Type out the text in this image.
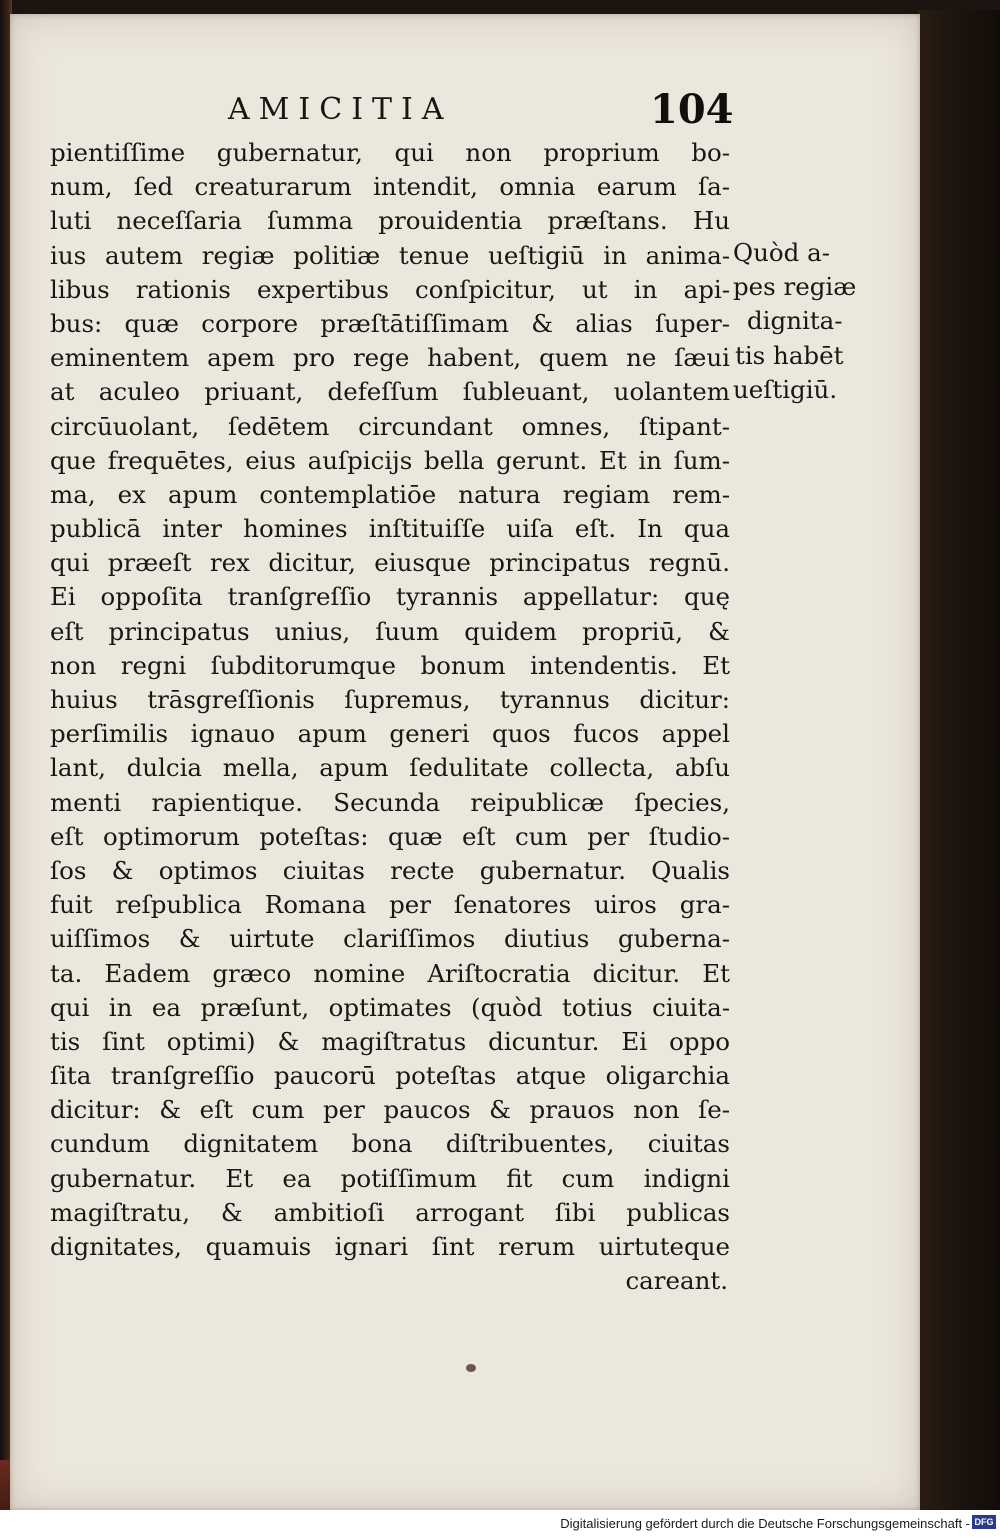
AMICITIA	104
pientiſſime gubernatur, qui non proprium bo-
num, ſed creaturarum intendit, omnia earum ſa-
luti neceſſaria ſumma prouidentia præſtans. Hu
ius autem regiæ politiæ tenue ueſtigiū in anima-
libus rationis expertibus conſpicitur, ut in api-
bus: quæ corpore præſtātiſſimam & alias ſuper-
eminentem apem pro rege habent, quem ne ſæui
at aculeo priuant, defeſſum ſubleuant, uolantem
circūuolant, ſedētem circundant omnes, ſtipant-
que frequētes, eius auſpicijs bella gerunt. Et in ſum-
ma, ex apum contemplatiōe natura regiam rem-
publicā inter homines inſtituiſſe uiſa eſt. In qua
qui præeſt rex dicitur, eiusque principatus regnū.
Ei oppoſita tranſgreſſio tyrannis appellatur: quę
eſt principatus unius, ſuum quidem propriū, &
non regni ſubditorumque bonum intendentis. Et
huius trāsgreſſionis ſupremus, tyrannus dicitur:
perſimilis ignauo apum generi quos fucos appel
lant, dulcia mella, apum ſedulitate collecta, abſu
menti rapientique. Secunda reipublicæ ſpecies,
eſt optimorum poteſtas: quæ eſt cum per ſtudio-
ſos & optimos ciuitas recte gubernatur. Qualis
fuit reſpublica Romana per ſenatores uiros gra-
uiſſimos & uirtute clariſſimos diutius guberna-
ta. Eadem græco nomine Ariſtocratia dicitur. Et
qui in ea præſunt, optimates (quòd totius ciuita-
tis ſint optimi) & magiſtratus dicuntur. Ei oppo
ſita tranſgreſſio paucorū poteſtas atque oligarchia
dicitur: & eſt cum per paucos & prauos non ſe-
cundum dignitatem bona diſtribuentes, ciuitas
gubernatur. Et ea potiſſimum fit cum indigni
magiſtratu, & ambitioſi arrogant ſibi publicas
dignitates, quamuis ignari ſint rerum uirtuteque
careant.
Quòd a-
pes regiæ
dignita-
tis habēt
ueſtigiū.
Digitalisierung gefördert durch die Deutsche Forschungsgemeinschaft - DFG
